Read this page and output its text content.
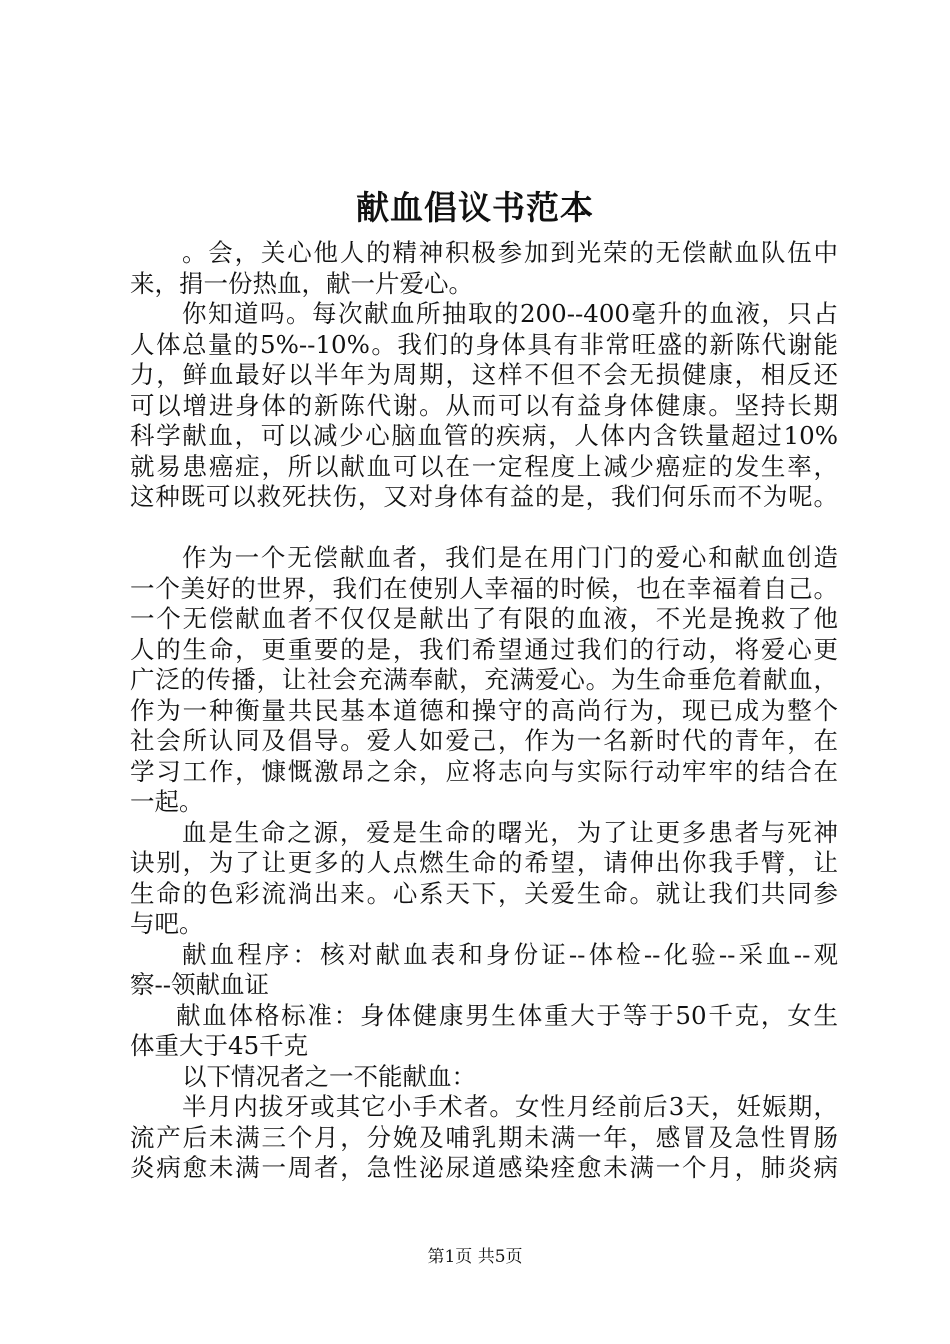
献血倡议书范本
。会，关心他人的精神积极参加到光荣的无偿献血队伍中
来，捐一份热血，献一片爱心。
你知道吗。每次献血所抽取的200--400毫升的血液，只占
人体总量的5%--10%。我们的身体具有非常旺盛的新陈代谢能
力，鲜血最好以半年为周期，这样不但不会无损健康，相反还
可以增进身体的新陈代谢。从而可以有益身体健康。坚持长期
科学献血，可以减少心脑血管的疾病，人体内含铁量超过10%
就易患癌症，所以献血可以在一定程度上减少癌症的发生率，
这种既可以救死扶伤，又对身体有益的是，我们何乐而不为呢。
作为一个无偿献血者，我们是在用门门的爱心和献血创造
一个美好的世界，我们在使别人幸福的时候，也在幸福着自己。
一个无偿献血者不仅仅是献出了有限的血液，不光是挽救了他
人的生命，更重要的是，我们希望通过我们的行动，将爱心更
广泛的传播，让社会充满奉献，充满爱心。为生命垂危着献血，
作为一种衡量共民基本道德和操守的高尚行为，现已成为整个
社会所认同及倡导。爱人如爱己，作为一名新时代的青年，在
学习工作，慷慨激昂之余，应将志向与实际行动牢牢的结合在
一起。
血是生命之源，爱是生命的曙光，为了让更多患者与死神
诀别，为了让更多的人点燃生命的希望，请伸出你我手臂，让
生命的色彩流淌出来。心系天下，关爱生命。就让我们共同参
与吧。
献血程序：核对献血表和身份证--体检--化验--采血--观
察--领献血证
献血体格标准：身体健康男生体重大于等于50千克，女生
体重大于45千克
以下情况者之一不能献血：
半月内拔牙或其它小手术者。女性月经前后3天，妊娠期，
流产后未满三个月，分娩及哺乳期未满一年，感冒及急性胃肠
炎病愈未满一周者，急性泌尿道感染痊愈未满一个月，肺炎病
第1页 共5页
